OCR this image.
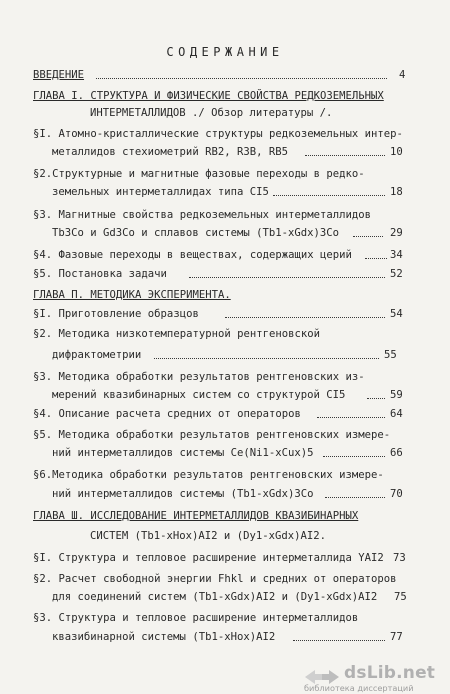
СОДЕРЖАНИЕ
ВВЕДЕНИЕ	4
ГЛАВА I. СТРУКТУРА И ФИЗИЧЕСКИЕ СВОЙСТВА РЕДКОЗЕМЕЛЬНЫХ
ИНТЕРМЕТАЛЛИДОВ ./ Обзор литературы /.
§I. Атомно-кристаллические структуры редкоземельных интер-
металлидов стехиометрий RB2, R3B, RB5	10
§2.Структурные и магнитные фазовые переходы в редко-
земельных интерметаллидах типа СI5	18
§3. Магнитные свойства редкоземельных интерметаллидов
Tb3Co и Gd3Co и сплавов системы (Tb1-xGdx)3Co	29
§4. Фазовые переходы в веществах, содержащих церий	34
§5. Постановка задачи	52
ГЛАВА П. МЕТОДИКА ЭКСПЕРИМЕНТА.
§I. Приготовление образцов	54
§2. Методика низкотемпературной рентгеновской
дифрактометрии	55
§3. Методика обработки результатов рентгеновских из-
мерений квазибинарных систем со структурой СI5	59
§4. Описание расчета средних от операторов	64
§5. Методика обработки результатов рентгеновских измере-
ний интерметаллидов системы Ce(Ni1-xCux)5	66
§6.Методика обработки результатов рентгеновских измере-
ний интерметаллидов системы (Tb1-xGdx)3Co	70
ГЛАВА Ш. ИССЛЕДОВАНИЕ ИНТЕРМЕТАЛЛИДОВ КВАЗИБИНАРНЫХ
СИСТЕМ (Tb1-xHox)AI2 и (Dy1-xGdx)AI2.
§I. Структура и тепловое расширение интерметаллида YAI2 73
§2. Расчет свободной энергии Fhkl и средних от операторов
для соединений систем (Tb1-xGdx)AI2 и (Dy1-xGdx)AI2 75
§3. Структура и тепловое расширение интерметаллидов
квазибинарной системы (Tb1-xHox)AI2	77
dsLib.net
библиотека диссертаций
